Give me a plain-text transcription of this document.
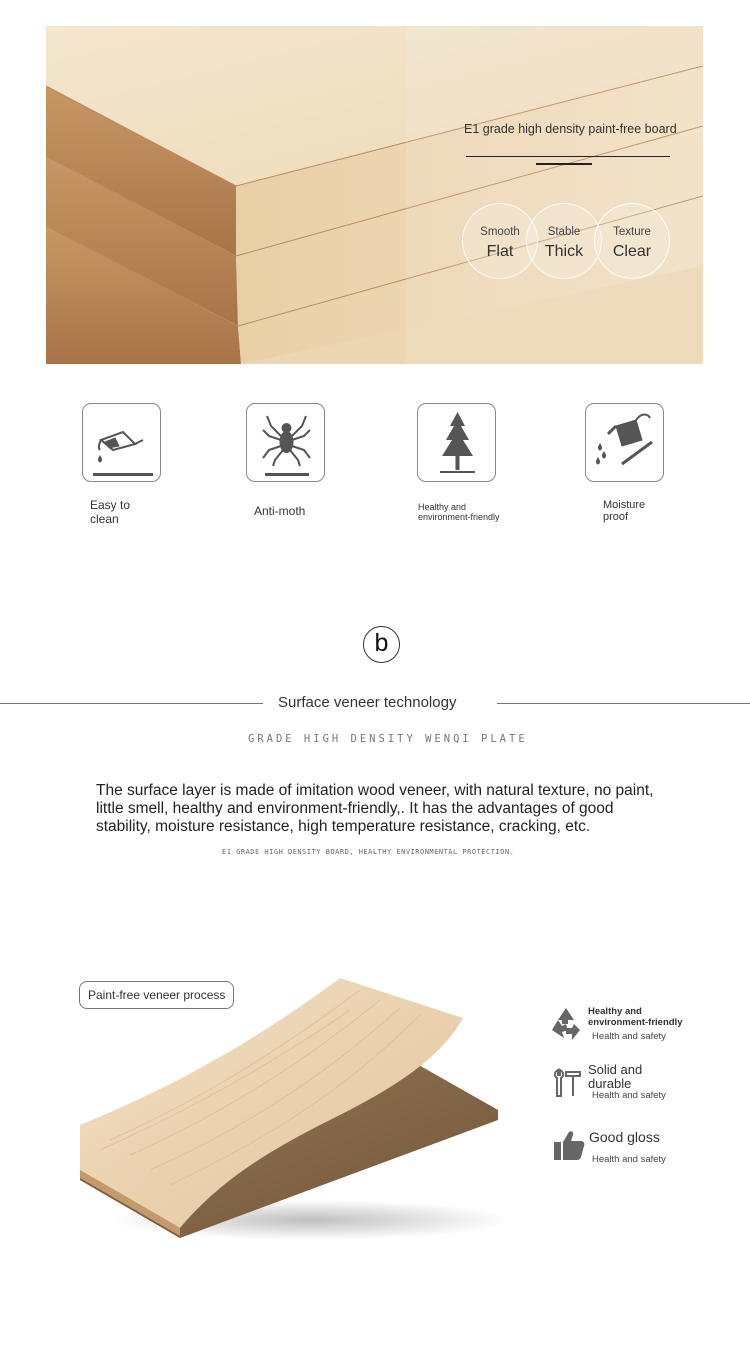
E1 grade high density paint-free board
Smooth
Flat
Stable
Thick
Texture
Clear
Easy to
clean
Anti-moth	Healthy and
environment-friendly
Moisture
proof
b
Surface veneer technology
GRADE HIGH DENSITY WENQI PLATE
The surface layer is made of imitation wood veneer, with natural texture, no paint, little smell, healthy and environment-friendly,. It has the advantages of good stability, moisture resistance, high temperature resistance, cracking, etc.
E1 GRADE HIGH DENSITY BOARD, HEALTHY ENVIRONMENTAL PROTECTION.
Paint-free veneer process
Healthy and
environment-friendly
Health and safety
Solid and
durable
Health and safety
Good gloss
Health and safety
